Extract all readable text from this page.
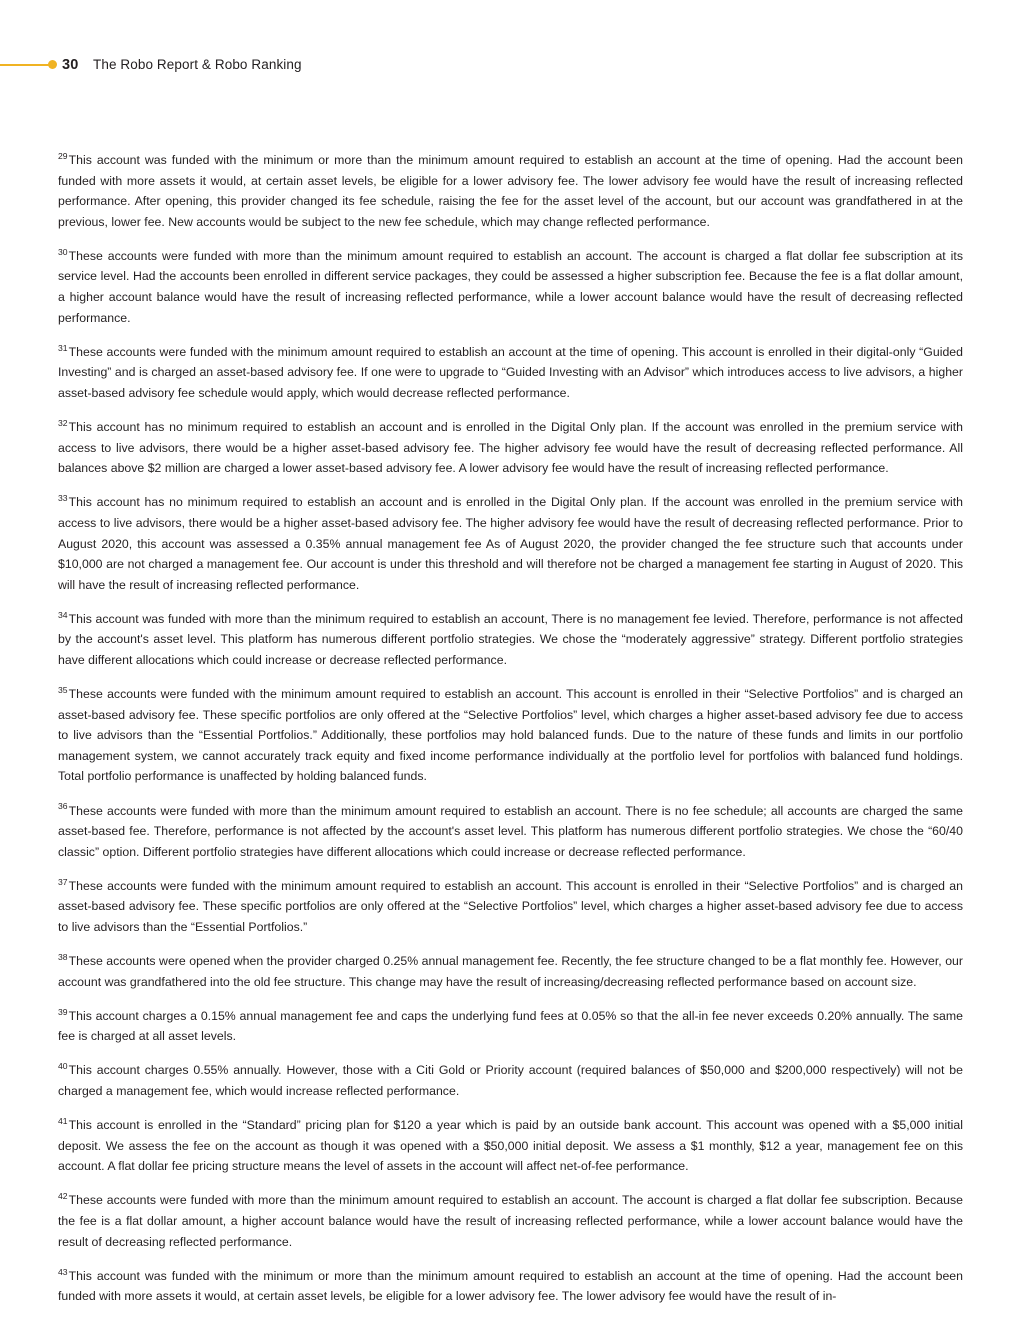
30 The Robo Report & Robo Ranking

$^{29}$This account was funded with the minimum or more than the minimum amount required to establish an account at the time of opening. Had the account been funded with more assets it would, at certain asset levels, be eligible for a lower advisory fee. The lower advisory fee would have the result of increasing reflected performance. After opening, this provider changed its fee schedule, raising the fee for the asset level of the account, but our account was grandfathered in at the previous, lower fee. New accounts would be subject to the new fee schedule, which may change reflected performance.

$^{30}$These accounts were funded with more than the minimum amount required to establish an account. The account is charged a flat dollar fee subscription at its service level. Had the accounts been enrolled in different service packages, they could be assessed a higher subscription fee. Because the fee is a flat dollar amount, a higher account balance would have the result of increasing reflected performance, while a lower account balance would have the result of decreasing reflected performance.

$^{31}$These accounts were funded with the minimum amount required to establish an account at the time of opening. This account is enrolled in their digital-only “Guided Investing” and is charged an asset-based advisory fee. If one were to upgrade to “Guided Investing with an Advisor” which introduces access to live advisors, a higher asset-based advisory fee schedule would apply, which would decrease reflected performance.

$^{32}$This account has no minimum required to establish an account and is enrolled in the Digital Only plan. If the account was enrolled in the premium service with access to live advisors, there would be a higher asset-based advisory fee. The higher advisory fee would have the result of decreasing reflected performance. All balances above $2 million are charged a lower asset-based advisory fee. A lower advisory fee would have the result of increasing reflected performance.

$^{33}$This account has no minimum required to establish an account and is enrolled in the Digital Only plan. If the account was enrolled in the premium service with access to live advisors, there would be a higher asset-based advisory fee. The higher advisory fee would have the result of decreasing reflected performance. Prior to August 2020, this account was assessed a 0.35% annual management fee As of August 2020, the provider changed the fee structure such that accounts under $10,000 are not charged a management fee. Our account is under this threshold and will therefore not be charged a management fee starting in August of 2020. This will have the result of increasing reflected performance.

$^{34}$This account was funded with more than the minimum required to establish an account, There is no management fee levied. Therefore, performance is not affected by the account's asset level. This platform has numerous different portfolio strategies. We chose the “moderately aggressive” strategy. Different portfolio strategies have different allocations which could increase or decrease reflected performance.

$^{35}$These accounts were funded with the minimum amount required to establish an account. This account is enrolled in their “Selective Portfolios” and is charged an asset-based advisory fee. These specific portfolios are only offered at the “Selective Portfolios” level, which charges a higher asset-based advisory fee due to access to live advisors than the “Essential Portfolios.” Additionally, these portfolios may hold balanced funds. Due to the nature of these funds and limits in our portfolio management system, we cannot accurately track equity and fixed income performance individually at the portfolio level for portfolios with balanced fund holdings. Total portfolio performance is unaffected by holding balanced funds.

$^{36}$These accounts were funded with more than the minimum amount required to establish an account. There is no fee schedule; all accounts are charged the same asset-based fee. Therefore, performance is not affected by the account's asset level. This platform has numerous different portfolio strategies. We chose the “60/40 classic” option. Different portfolio strategies have different allocations which could increase or decrease reflected performance.

$^{37}$These accounts were funded with the minimum amount required to establish an account. This account is enrolled in their “Selective Portfolios” and is charged an asset-based advisory fee. These specific portfolios are only offered at the “Selective Portfolios” level, which charges a higher asset-based advisory fee due to access to live advisors than the “Essential Portfolios.”

$^{38}$These accounts were opened when the provider charged 0.25% annual management fee. Recently, the fee structure changed to be a flat monthly fee. However, our account was grandfathered into the old fee structure. This change may have the result of increasing/decreasing reflected performance based on account size.

$^{39}$This account charges a 0.15% annual management fee and caps the underlying fund fees at 0.05% so that the all-in fee never exceeds 0.20% annually. The same fee is charged at all asset levels.

$^{40}$This account charges 0.55% annually. However, those with a Citi Gold or Priority account (required balances of $50,000 and $200,000 respectively) will not be charged a management fee, which would increase reflected performance.

$^{41}$This account is enrolled in the “Standard” pricing plan for $120 a year which is paid by an outside bank account. This account was opened with a $5,000 initial deposit. We assess the fee on the account as though it was opened with a $50,000 initial deposit. We assess a $1 monthly, $12 a year, management fee on this account. A flat dollar fee pricing structure means the level of assets in the account will affect net-of-fee performance.

$^{42}$These accounts were funded with more than the minimum amount required to establish an account. The account is charged a flat dollar fee subscription. Because the fee is a flat dollar amount, a higher account balance would have the result of increasing reflected performance, while a lower account balance would have the result of decreasing reflected performance.

$^{43}$This account was funded with the minimum or more than the minimum amount required to establish an account at the time of opening. Had the account been funded with more assets it would, at certain asset levels, be eligible for a lower advisory fee. The lower advisory fee would have the result of in-
